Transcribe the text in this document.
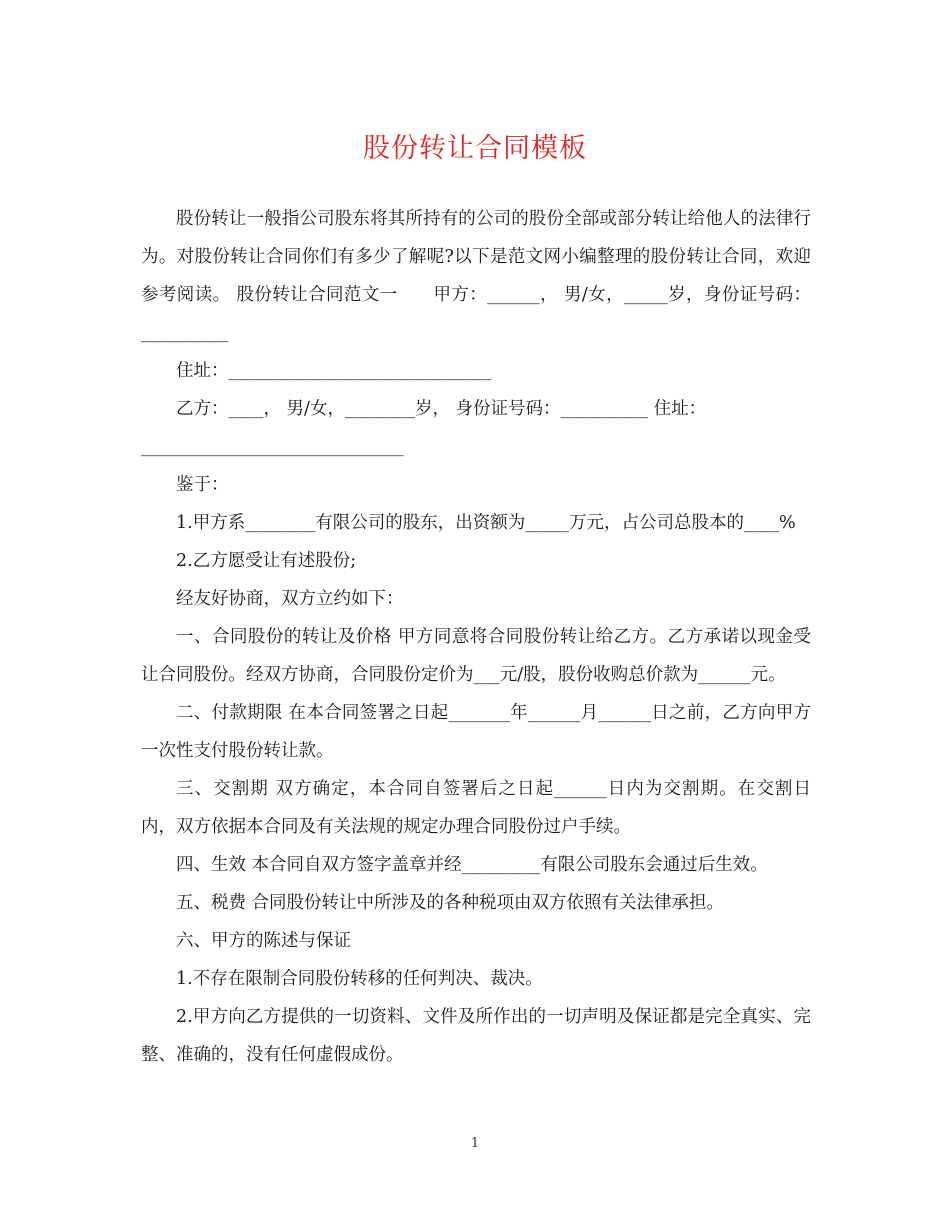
股份转让合同模板

股份转让一般指公司股东将其所持有的公司的股份全部或部分转让给他人的法律行为。对股份转让合同你们有多少了解呢?以下是范文网小编整理的股份转让合同，欢迎参考阅读。 股份转让合同范文一　　甲方：______， 男/女，_____岁，身份证号码：__________

住址：______________________________

乙方：____， 男/女，________岁， 身份证号码：__________ 住址：

______________________________

鉴于：

1.甲方系________有限公司的股东，出资额为_____万元，占公司总股本的____%

2.乙方愿受让有述股份;

经友好协商，双方立约如下：

一、合同股份的转让及价格 甲方同意将合同股份转让给乙方。乙方承诺以现金受让合同股份。经双方协商，合同股份定价为___元/股，股份收购总价款为______元。

二、付款期限 在本合同签署之日起_______年______月______日之前，乙方向甲方一次性支付股份转让款。

三、交割期 双方确定，本合同自签署后之日起______日内为交割期。在交割日内，双方依据本合同及有关法规的规定办理合同股份过户手续。

四、生效 本合同自双方签字盖章并经_________有限公司股东会通过后生效。

五、税费 合同股份转让中所涉及的各种税项由双方依照有关法律承担。

六、甲方的陈述与保证

1.不存在限制合同股份转移的任何判决、裁决。

2.甲方向乙方提供的一切资料、文件及所作出的一切声明及保证都是完全真实、完整、准确的，没有任何虚假成份。

1
